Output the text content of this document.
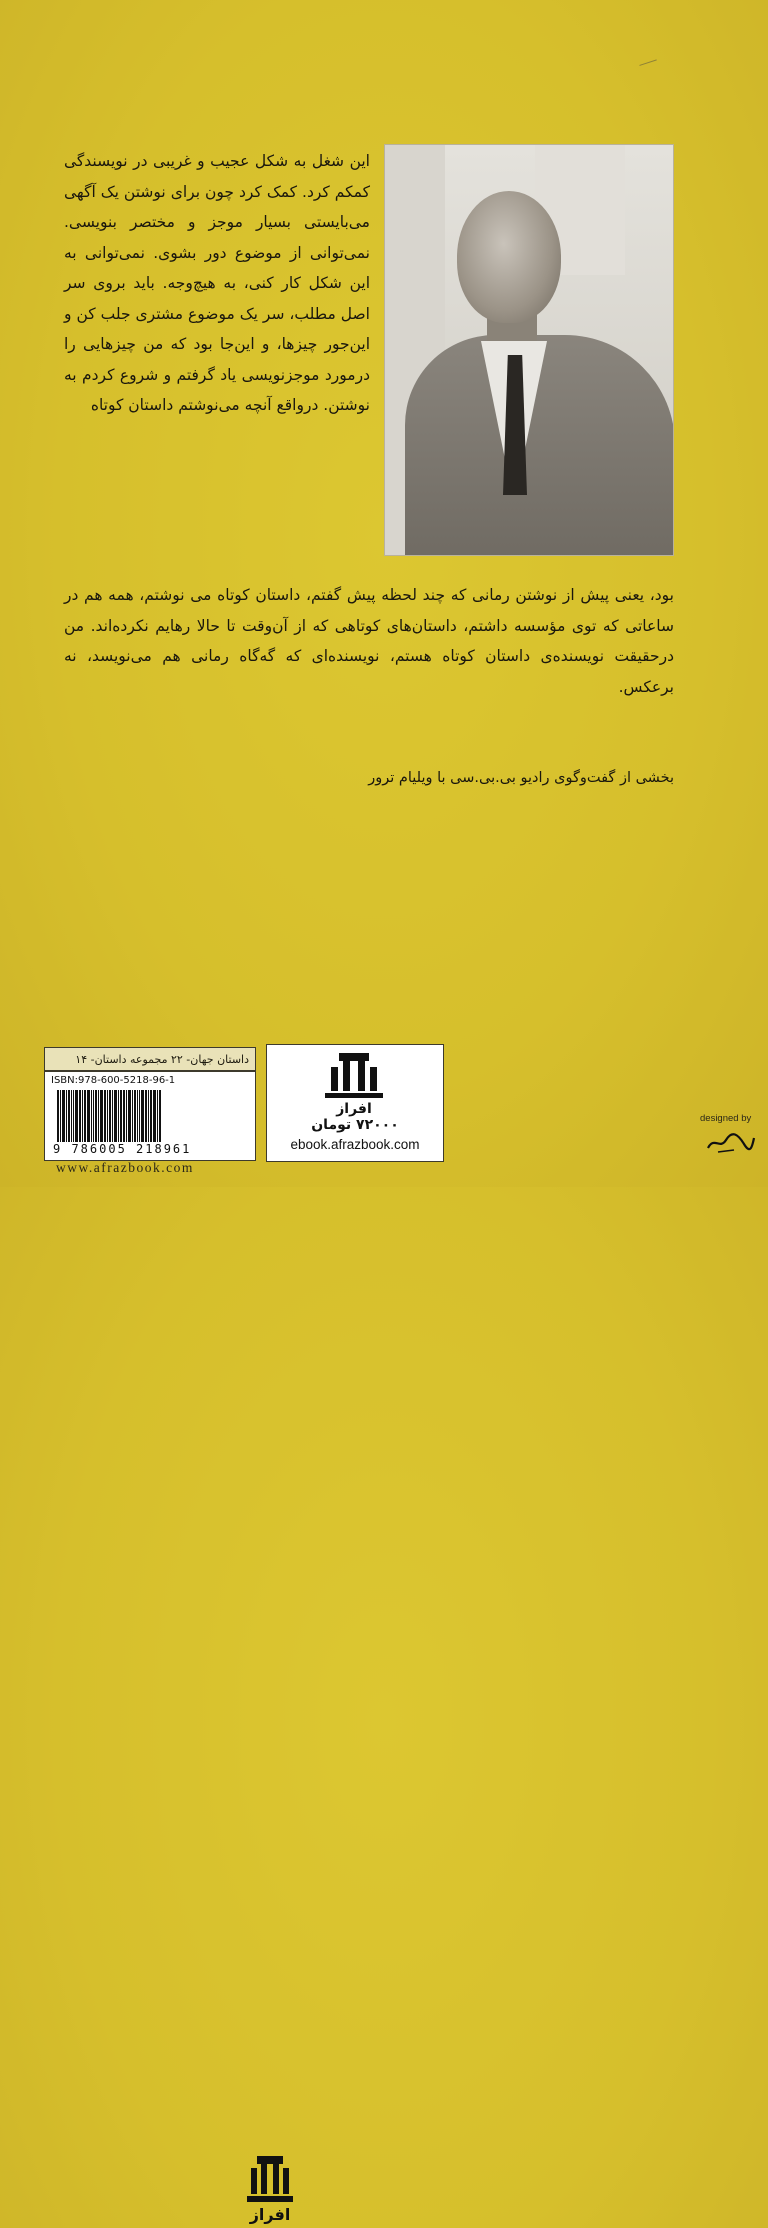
این شغل به شکل عجیب و غریبی در نویسندگی کمکم کرد. کمک کرد چون برای نوشتن یک آگهی می‌بایستی بسیار موجز و مختصر بنویسی. نمی‌توانی از موضوع دور بشوی. نمی‌توانی به این شکل کار کنی، به هیچ‌وجه. باید بروی سر اصل مطلب، سر یک موضوع مشتری جلب کن و این‌جور چیزها، و این‌جا بود که من چیزهایی را درمورد موجزنویسی یاد گرفتم و شروع کردم به نوشتن. درواقع آنچه می‌نوشتم داستان کوتاه

بود، یعنی پیش از نوشتن رمانی که چند لحظه پیش گفتم، داستان کوتاه می نوشتم، همه هم در ساعاتی که توی مؤسسه داشتم، داستان‌های کوتاهی که از آن‌وقت تا حالا رهایم نکرده‌اند. من درحقیقت نویسنده‌ی داستان کوتاه هستم، نویسنده‌ای که گه‌گاه رمانی هم می‌نویسد، نه برعکس.

بخشی از گفت‌وگوی رادیو بی.بی.سی با ویلیام ترور
داستان جهان- ۲۲ مجموعه داستان- ۱۴
ISBN:978-600-5218-96-1
9 786005 218961
افراز
افراز
۷۲۰۰۰ تومان
ebook.afrazbook.com
www.afrazbook.com
designed by
